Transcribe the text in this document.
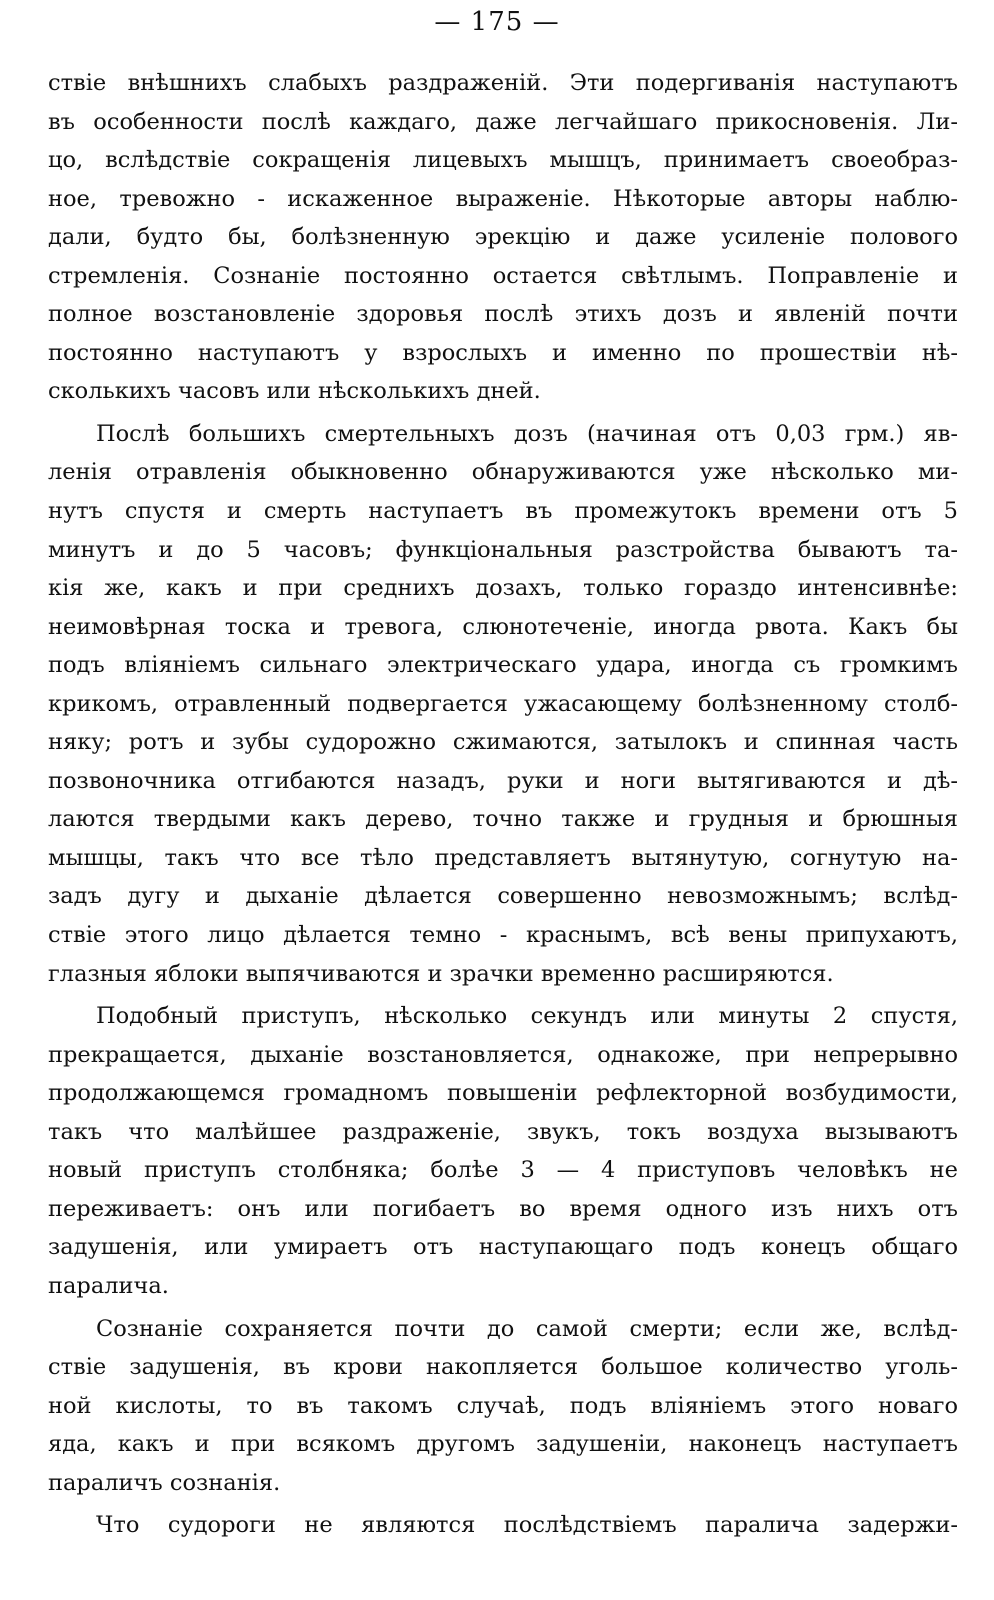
— 175 —
ствіе внѣшнихъ слабыхъ раздраженій. Эти подергиванія наступаютъ
въ особенности послѣ каждаго, даже легчайшаго прикосновенія. Ли-
цо, вслѣдствіе сокращенія лицевыхъ мышцъ, принимаетъ своеобраз-
ное, тревожно - искаженное выраженіе. Нѣкоторые авторы наблю-
дали, будто бы, болѣзненную эрекцію и даже усиленіе полового
стремленія. Сознаніе постоянно остается свѣтлымъ. Поправленіе и
полное возстановленіе здоровья послѣ этихъ дозъ и явленій почти
постоянно наступаютъ у взрослыхъ и именно по прошествіи нѣ-
сколькихъ часовъ или нѣсколькихъ дней.
Послѣ большихъ смертельныхъ дозъ (начиная отъ 0,03 грм.) яв-
ленія отравленія обыкновенно обнаруживаются уже нѣсколько ми-
нутъ спустя и смерть наступаетъ въ промежутокъ времени отъ 5
минутъ и до 5 часовъ; функціональныя разстройства бываютъ та-
кія же, какъ и при среднихъ дозахъ, только гораздо интенсивнѣе:
неимовѣрная тоска и тревога, слюнотеченіе, иногда рвота. Какъ бы
подъ вліяніемъ сильнаго электрическаго удара, иногда съ громкимъ
крикомъ, отравленный подвергается ужасающему болѣзненному столб-
няку; ротъ и зубы судорожно сжимаются, затылокъ и спинная часть
позвоночника отгибаются назадъ, руки и ноги вытягиваются и дѣ-
лаются твердыми какъ дерево, точно также и грудныя и брюшныя
мышцы, такъ что все тѣло представляетъ вытянутую, согнутую на-
задъ дугу и дыханіе дѣлается совершенно невозможнымъ; вслѣд-
ствіе этого лицо дѣлается темно - краснымъ, всѣ вены припухаютъ,
глазныя яблоки выпячиваются и зрачки временно расширяются.
Подобный приступъ, нѣсколько секундъ или минуты 2 спустя,
прекращается, дыханіе возстановляется, однакоже, при непрерывно
продолжающемся громадномъ повышеніи рефлекторной возбудимости,
такъ что малѣйшее раздраженіе, звукъ, токъ воздуха вызываютъ
новый приступъ столбняка; болѣе 3 — 4 приступовъ человѣкъ не
переживаетъ: онъ или погибаетъ во время одного изъ нихъ отъ
задушенія, или умираетъ отъ наступающаго подъ конецъ общаго
паралича.
Сознаніе сохраняется почти до самой смерти; если же, вслѣд-
ствіе задушенія, въ крови накопляется большое количество уголь-
ной кислоты, то въ такомъ случаѣ, подъ вліяніемъ этого новаго
яда, какъ и при всякомъ другомъ задушеніи, наконецъ наступаетъ
параличъ сознанія.
Что судороги не являются послѣдствіемъ паралича задержи-
